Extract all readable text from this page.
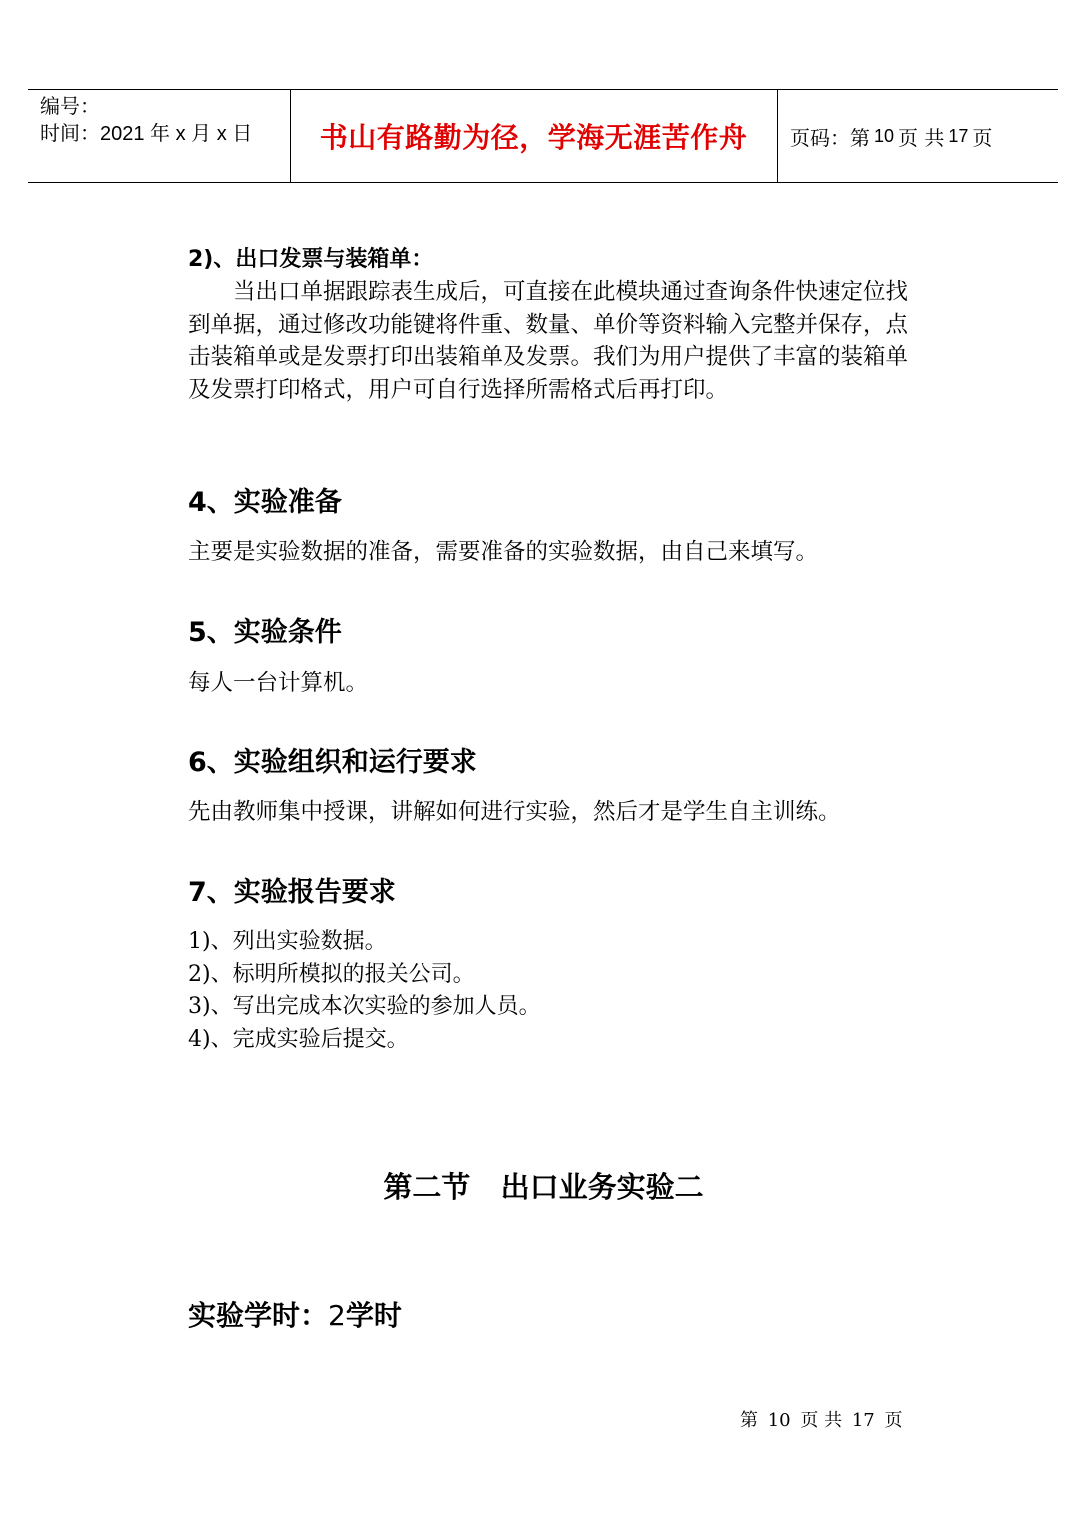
编号：
时间：2021 年 x 月 x 日	书山有路勤为径，学海无涯苦作舟	页码：第 10 页 共 17 页
2)、出口发票与装箱单：

当出口单据跟踪表生成后，可直接在此模块通过查询条件快速定位找到单据，通过修改功能键将件重、数量、单价等资料输入完整并保存，点击装箱单或是发票打印出装箱单及发票。我们为用户提供了丰富的装箱单及发票打印格式，用户可自行选择所需格式后再打印。

4、实验准备

主要是实验数据的准备，需要准备的实验数据，由自己来填写。

5、实验条件

每人一台计算机。

6、实验组织和运行要求

先由教师集中授课，讲解如何进行实验，然后才是学生自主训练。

7、实验报告要求
1)、列出实验数据。
2)、标明所模拟的报关公司。
3)、写出完成本次实验的参加人员。
4)、完成实验后提交。
第二节   出口业务实验二
实验学时：2学时
第 10 页 共 17 页
